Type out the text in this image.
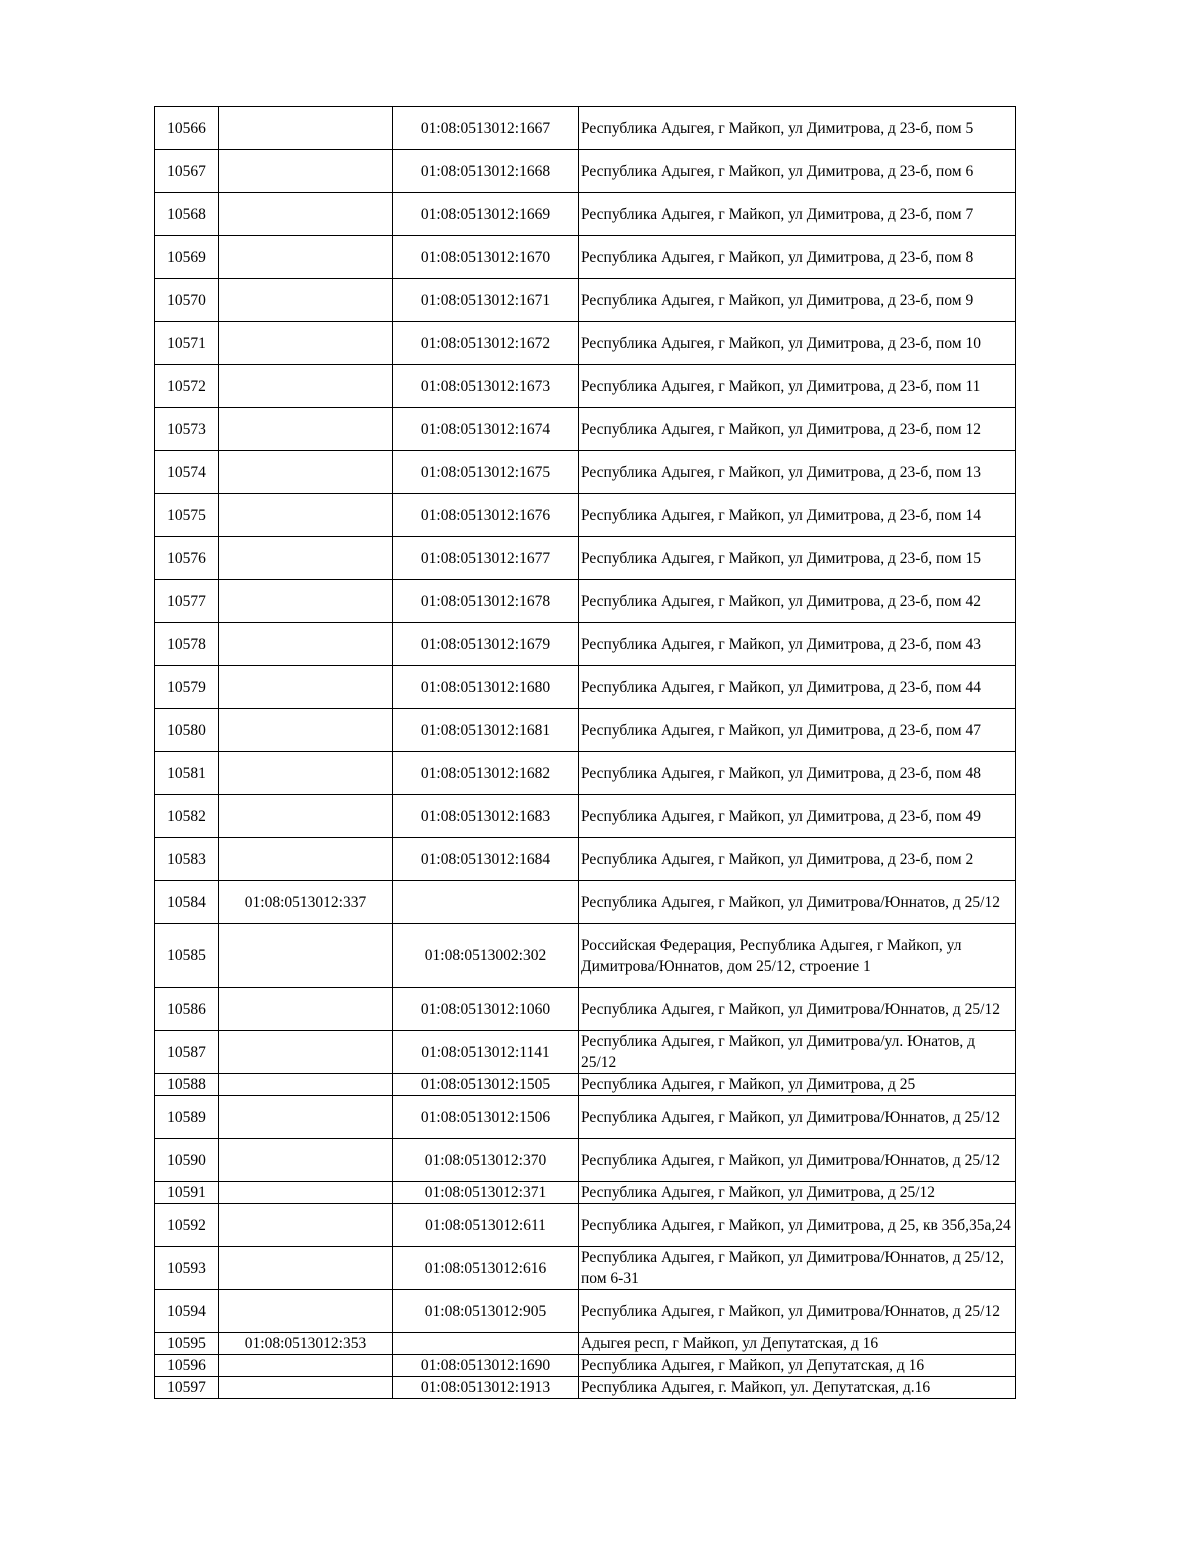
10566		01:08:0513012:1667	Республика Адыгея, г Майкоп, ул Димитрова, д 23-б, пом 5
10567		01:08:0513012:1668	Республика Адыгея, г Майкоп, ул Димитрова, д 23-б, пом 6
10568		01:08:0513012:1669	Республика Адыгея, г Майкоп, ул Димитрова, д 23-б, пом 7
10569		01:08:0513012:1670	Республика Адыгея, г Майкоп, ул Димитрова, д 23-б, пом 8
10570		01:08:0513012:1671	Республика Адыгея, г Майкоп, ул Димитрова, д 23-б, пом 9
10571		01:08:0513012:1672	Республика Адыгея, г Майкоп, ул Димитрова, д 23-б, пом 10
10572		01:08:0513012:1673	Республика Адыгея, г Майкоп, ул Димитрова, д 23-б, пом 11
10573		01:08:0513012:1674	Республика Адыгея, г Майкоп, ул Димитрова, д 23-б, пом 12
10574		01:08:0513012:1675	Республика Адыгея, г Майкоп, ул Димитрова, д 23-б, пом 13
10575		01:08:0513012:1676	Республика Адыгея, г Майкоп, ул Димитрова, д 23-б, пом 14
10576		01:08:0513012:1677	Республика Адыгея, г Майкоп, ул Димитрова, д 23-б, пом 15
10577		01:08:0513012:1678	Республика Адыгея, г Майкоп, ул Димитрова, д 23-б, пом 42
10578		01:08:0513012:1679	Республика Адыгея, г Майкоп, ул Димитрова, д 23-б, пом 43
10579		01:08:0513012:1680	Республика Адыгея, г Майкоп, ул Димитрова, д 23-б, пом 44
10580		01:08:0513012:1681	Республика Адыгея, г Майкоп, ул Димитрова, д 23-б, пом 47
10581		01:08:0513012:1682	Республика Адыгея, г Майкоп, ул Димитрова, д 23-б, пом 48
10582		01:08:0513012:1683	Республика Адыгея, г Майкоп, ул Димитрова, д 23-б, пом 49
10583		01:08:0513012:1684	Республика Адыгея, г Майкоп, ул Димитрова, д 23-б, пом 2
10584	01:08:0513012:337		Республика Адыгея, г Майкоп, ул Димитрова/Юннатов, д 25/12
10585		01:08:0513002:302	Российская Федерация, Республика Адыгея, г Майкоп, ул Димитрова/Юннатов, дом 25/12, строение 1
10586		01:08:0513012:1060	Республика Адыгея, г Майкоп, ул Димитрова/Юннатов, д 25/12
10587		01:08:0513012:1141	Республика Адыгея, г Майкоп, ул Димитрова/ул. Юнатов, д 25/12
10588		01:08:0513012:1505	Республика Адыгея, г Майкоп, ул Димитрова, д 25
10589		01:08:0513012:1506	Республика Адыгея, г Майкоп, ул Димитрова/Юннатов, д 25/12
10590		01:08:0513012:370	Республика Адыгея, г Майкоп, ул Димитрова/Юннатов, д 25/12
10591		01:08:0513012:371	Республика Адыгея, г Майкоп, ул Димитрова, д 25/12
10592		01:08:0513012:611	Республика Адыгея, г Майкоп, ул Димитрова, д 25, кв 35б,35а,24
10593		01:08:0513012:616	Республика Адыгея, г Майкоп, ул Димитрова/Юннатов, д 25/12, пом 6-31
10594		01:08:0513012:905	Республика Адыгея, г Майкоп, ул Димитрова/Юннатов, д 25/12
10595	01:08:0513012:353		Адыгея респ, г Майкоп, ул Депутатская, д 16
10596		01:08:0513012:1690	Республика Адыгея, г Майкоп, ул Депутатская, д 16
10597		01:08:0513012:1913	Республика Адыгея, г. Майкоп, ул. Депутатская, д.16
